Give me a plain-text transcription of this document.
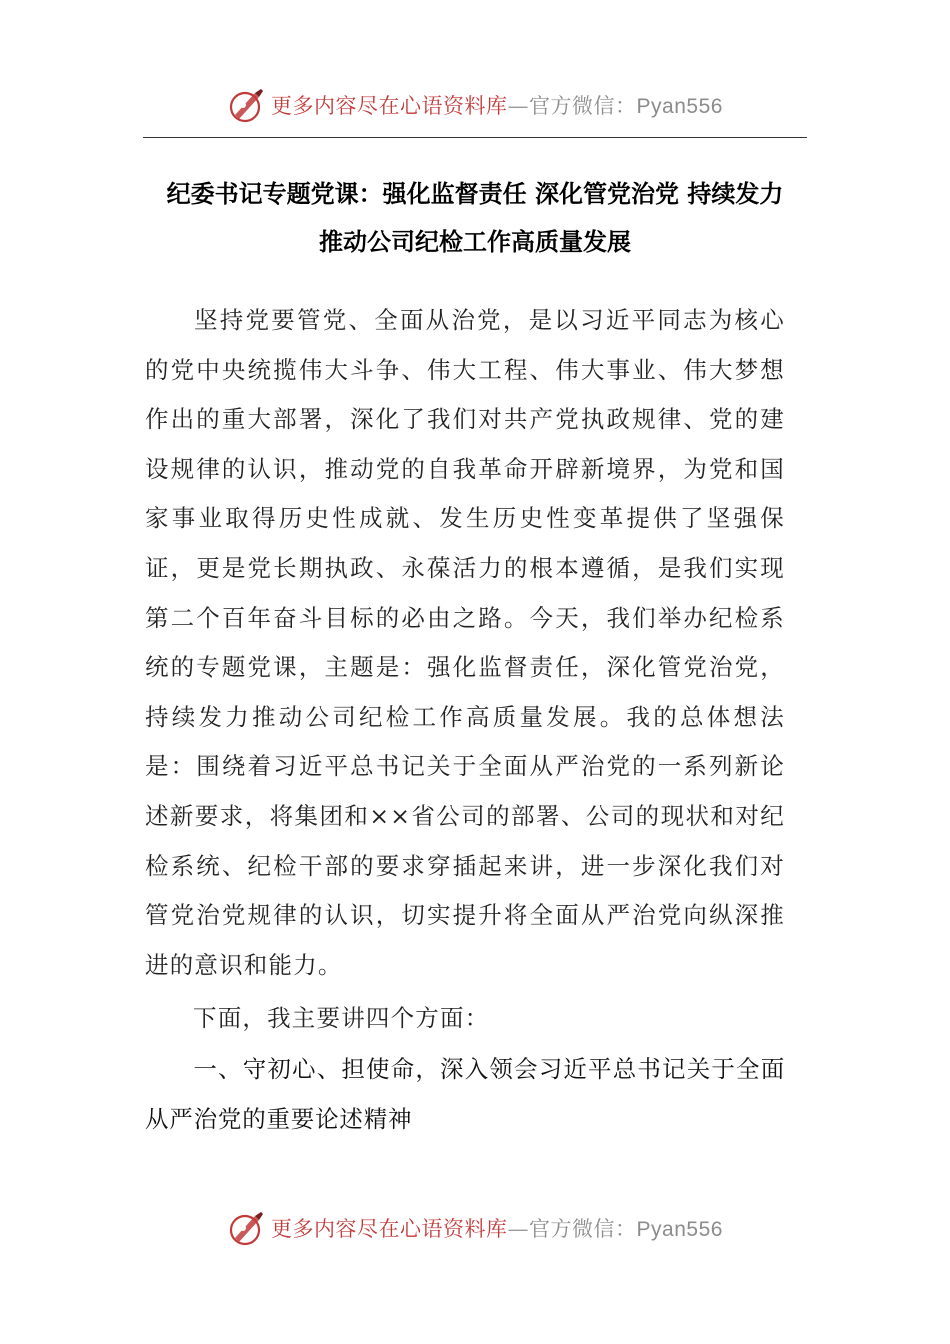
更多内容尽在心语资料库—官方微信：Pyan556
纪委书记专题党课：强化监督责任 深化管党治党 持续发力
推动公司纪检工作高质量发展

坚持党要管党、全面从治党，是以习近平同志为核心的党中央统揽伟大斗争、伟大工程、伟大事业、伟大梦想作出的重大部署，深化了我们对共产党执政规律、党的建设规律的认识，推动党的自我革命开辟新境界，为党和国家事业取得历史性成就、发生历史性变革提供了坚强保证，更是党长期执政、永葆活力的根本遵循，是我们实现第二个百年奋斗目标的必由之路。今天，我们举办纪检系统的专题党课，主题是：强化监督责任，深化管党治党，持续发力推动公司纪检工作高质量发展。我的总体想法是：围绕着习近平总书记关于全面从严治党的一系列新论述新要求，将集团和××省公司的部署、公司的现状和对纪检系统、纪检干部的要求穿插起来讲，进一步深化我们对管党治党规律的认识，切实提升将全面从严治党向纵深推进的意识和能力。

下面，我主要讲四个方面：

一、守初心、担使命，深入领会习近平总书记关于全面从严治党的重要论述精神

更多内容尽在心语资料库—官方微信：Pyan556
